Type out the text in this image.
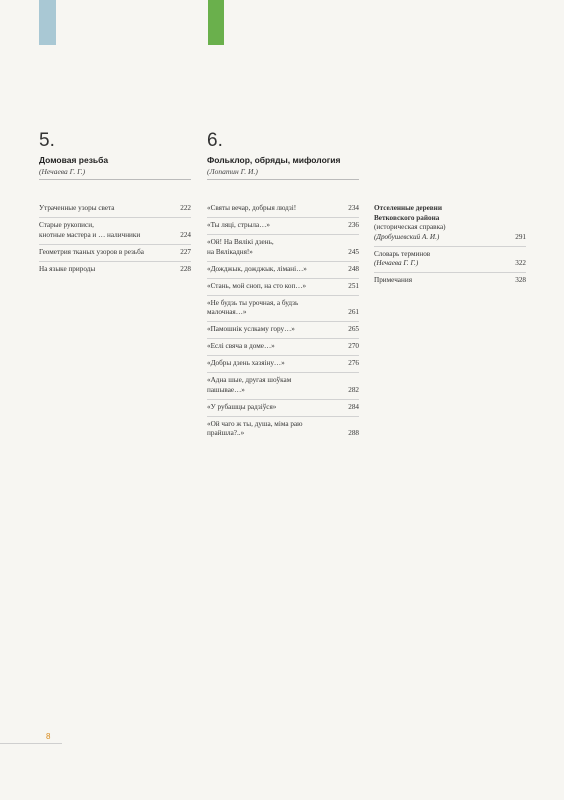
5.
Домовая резьба
(Нечаева Г. Г.)
Утраченные узоры света	222
Старые рукописи,
кнотные мастера и … наличники	224
Геометрия тканых узоров в резьба	227
На языке природы	228
6.
Фольклор, обряды, мифология
(Лопатин Г. И.)
«Святы вечар, добрыя людзі!	234
«Ты ляці, стрыла…»	236
«Ой! На Вялікі дзень,
на Вялікадня!»	245
«Дожджык, дожджык, лімані…»	248
«Стань, мой сноп, на сто коп…»	251
«Не будзь ты урочная, а будзь
малочная…»	261
«Памошнік услкаму гору…»	265
«Еслі свяча в доме…»	270
«Добры дзень хазяіну…»	276
«Адна шые, другая шоўкам
пашывае…»	282
«У рубашцы радзіўся»	284
«Ой чаго ж ты, душа, міма раю
прайшла?..»	288
Отселенные деревни
Ветковского района
(историческая справка)
(Дробушевский А. И.)	291
Словарь терминов
(Нечаева Г. Г.)	322
Примечания	328
8
